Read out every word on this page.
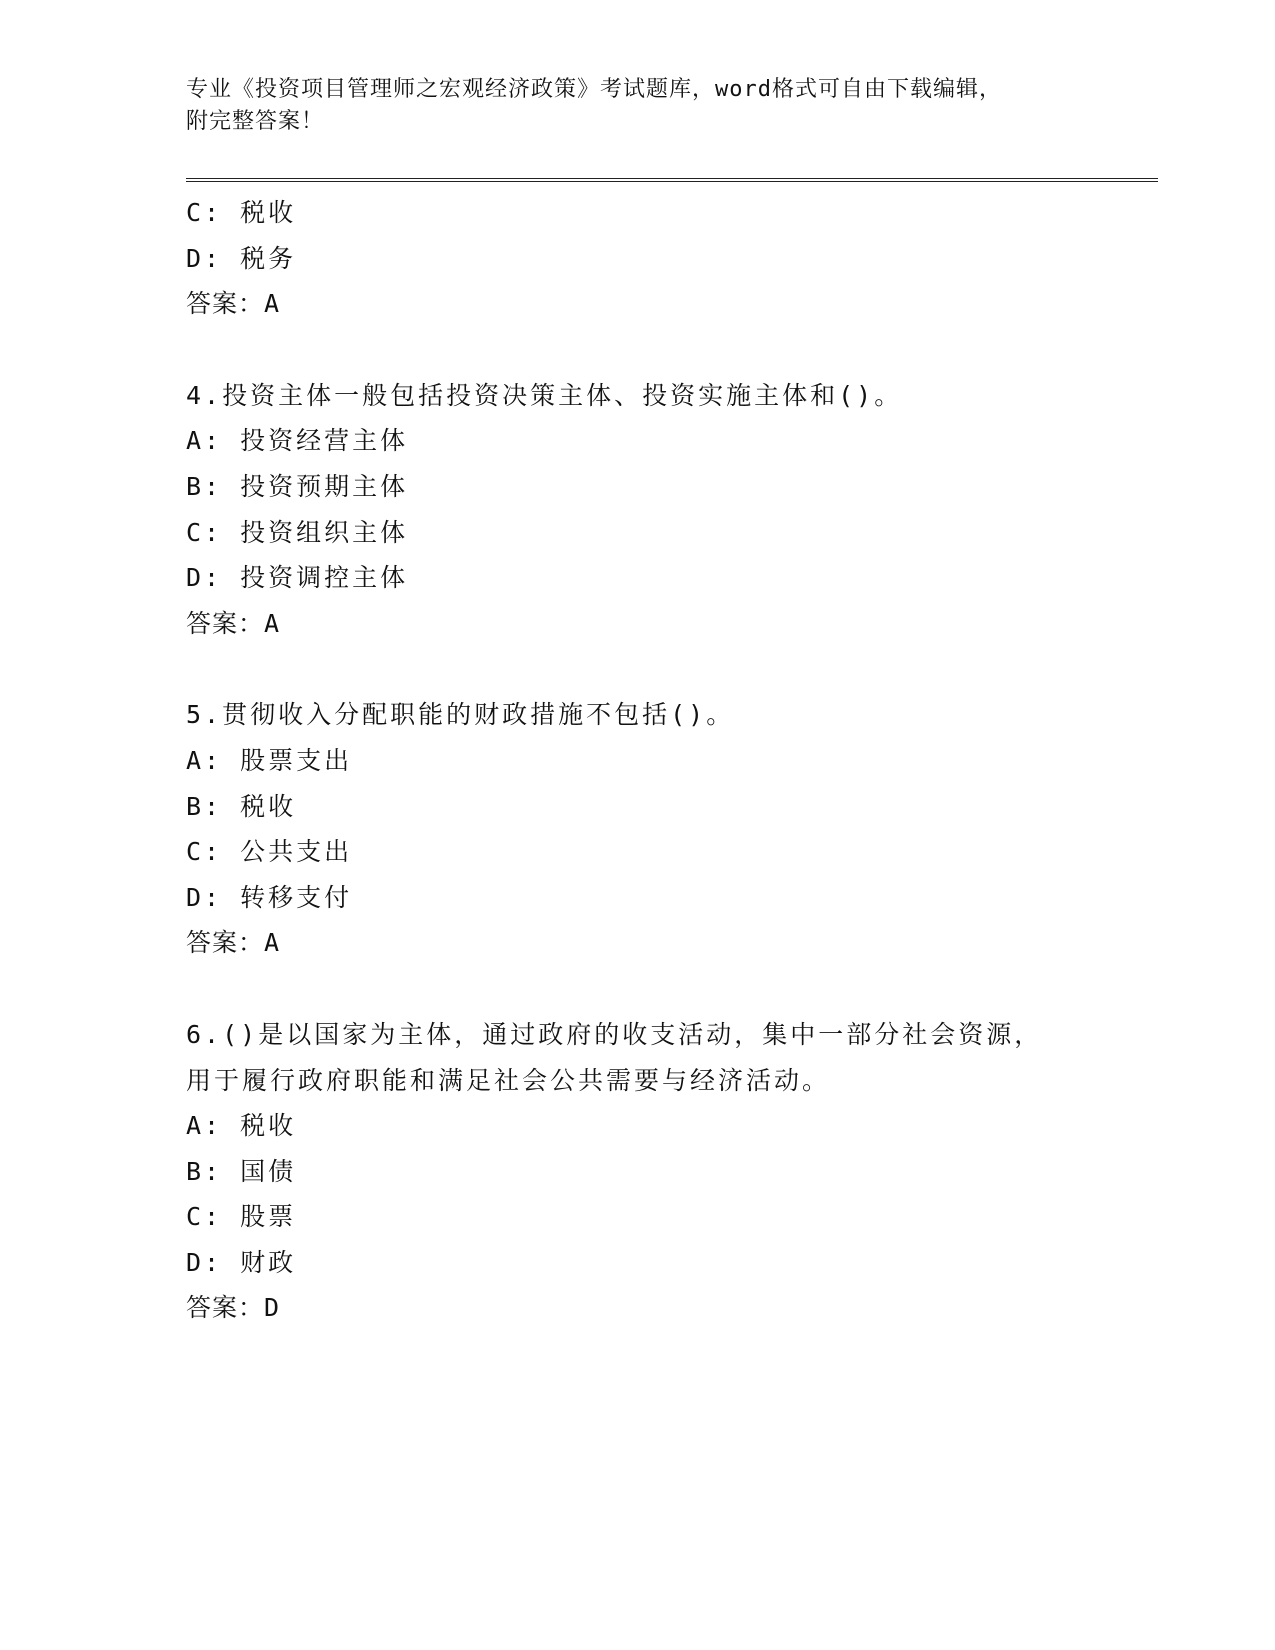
专业《投资项目管理师之宏观经济政策》考试题库，word格式可自由下载编辑，
附完整答案！
C: 税收
D: 税务
答案：A
4.投资主体一般包括投资决策主体、投资实施主体和()。
A: 投资经营主体
B: 投资预期主体
C: 投资组织主体
D: 投资调控主体
答案：A
5.贯彻收入分配职能的财政措施不包括()。
A: 股票支出
B: 税收
C: 公共支出
D: 转移支付
答案：A
6.()是以国家为主体，通过政府的收支活动，集中一部分社会资源，
用于履行政府职能和满足社会公共需要与经济活动。
A: 税收
B: 国债
C: 股票
D: 财政
答案：D
